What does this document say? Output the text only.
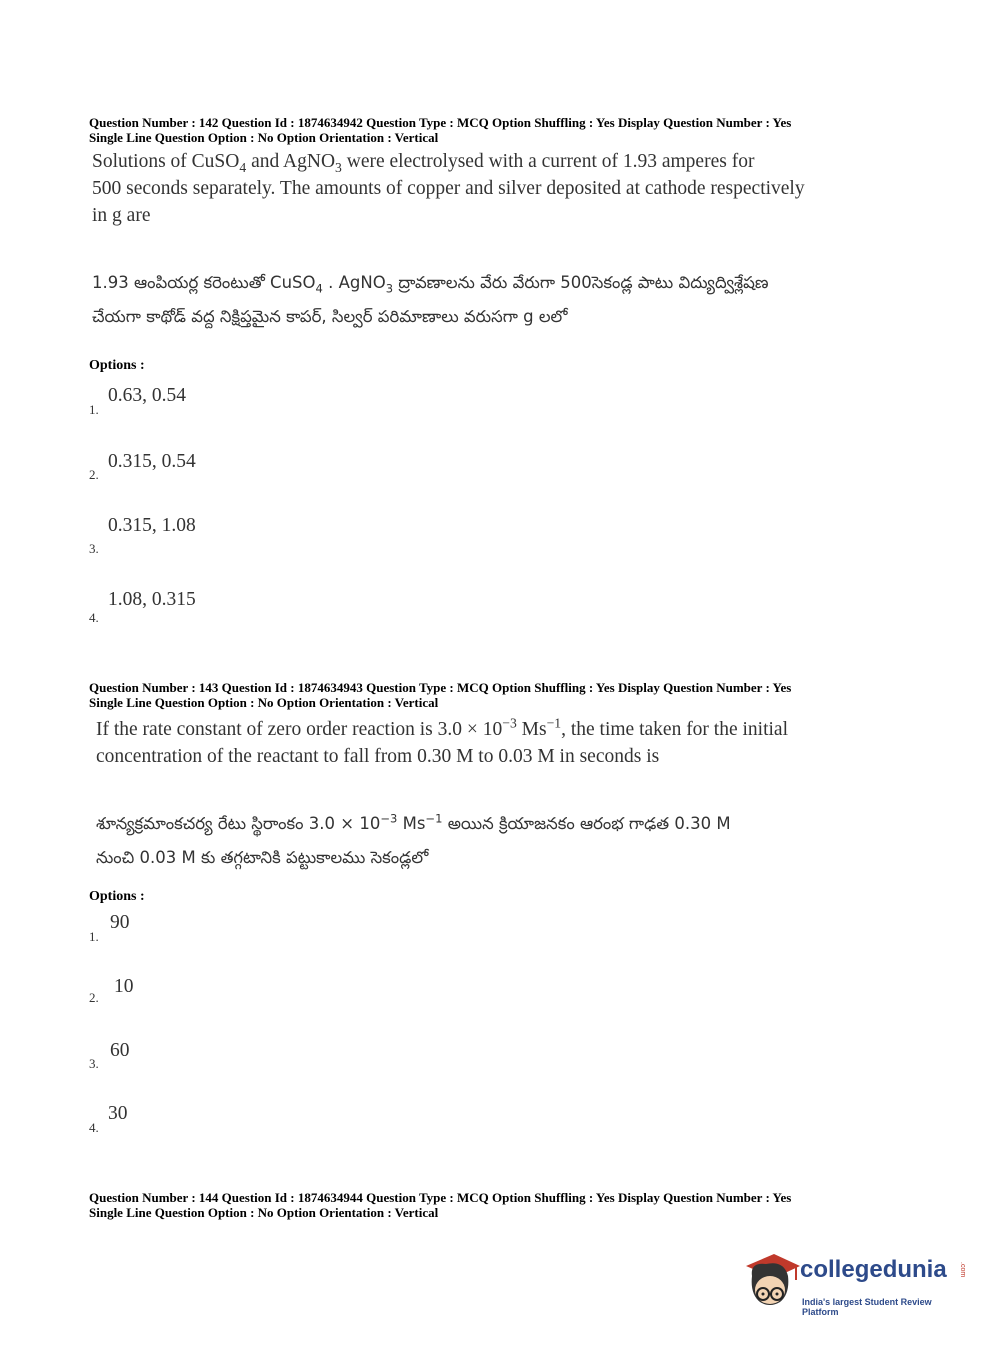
Question Number : 142 Question Id : 1874634942 Question Type : MCQ Option Shuffling : Yes Display Question Number : Yes
Single Line Question Option : No Option Orientation : Vertical
Solutions of CuSO$_4$ and AgNO$_3$ were electrolysed with a current of 1.93 amperes for
500 seconds separately. The amounts of copper and silver deposited at cathode respectively
in g are
1.93 ఆంపియర్ల కరెంటుతో CuSO$_4$ . AgNO$_3$ ద్రావణాలను వేరు వేరుగా 500సెకండ్ల పాటు విద్యుద్విశ్లేషణ
చేయగా కాథోడ్ వద్ద నిక్షిప్తమైన కాపర్, సిల్వర్ పరిమాణాలు వరుసగా g లలో
Options :
0.63, 0.54
1.
0.315, 0.54
2.
0.315, 1.08
3.
1.08, 0.315
4.
Question Number : 143 Question Id : 1874634943 Question Type : MCQ Option Shuffling : Yes Display Question Number : Yes
Single Line Question Option : No Option Orientation : Vertical
If the rate constant of zero order reaction is $3.0 \times 10^{-3}$ $Ms^{-1}$, the time taken for the initial
concentration of the reactant to fall from 0.30 M to 0.03 M in seconds is
శూన్యక్రమాంకచర్య రేటు స్థిరాంకం $3.0 \times 10^{-3}$ $Ms^{-1}$ అయిన క్రియాజనకం ఆరంభ గాఢత 0.30 M
నుంచి 0.03 M కు తగ్గటానికి పట్టుకాలము సెకండ్లలో
Options :
90
1.
10
2.
60
3.
30
4.
Question Number : 144 Question Id : 1874634944 Question Type : MCQ Option Shuffling : Yes Display Question Number : Yes
Single Line Question Option : No Option Orientation : Vertical
collegedunia .com
India's largest Student Review Platform
